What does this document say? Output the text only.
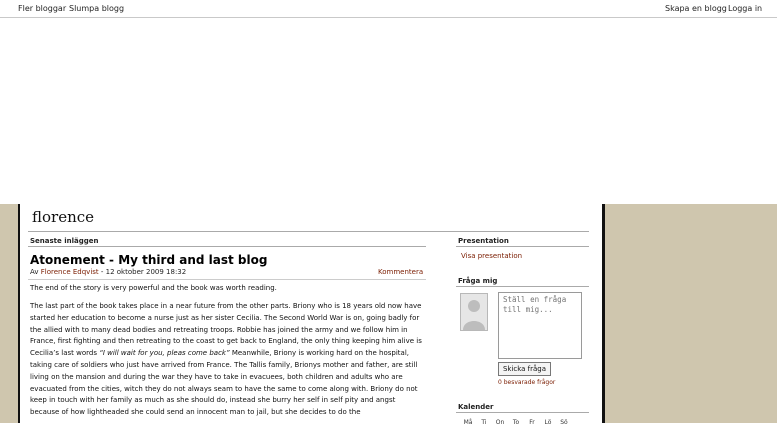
Fler bloggar Slumpa blogg	Skapa en blogg Logga in
florence
Senaste inläggen
Atonement - My third and last blog
Av Florence Edqvist - 12 oktober 2009 18:32	Kommentera
The end of the story is very powerful and the book was worth reading.
The last part of the book takes place in a near future from the other parts. Briony who is 18 years old now have started her education to become a nurse just as her sister Cecilia. The Second World War is on, going badly for the allied with to many dead bodies and retreating troops. Robbie has joined the army and we follow him in France, first fighting and then retreating to the coast to get back to England, the only thing keeping him alive is Cecilia’s last words “I will wait for you, pleas come back” Meanwhile, Briony is working hard on the hospital, taking care of soldiers who just have arrived from France. The Tallis family, Brionys mother and father, are still living on the mansion and during the war they have to take in evacuees, both children and adults who are evacuated from the cities, witch they do not always seam to have the same to come along with. Briony do not keep in touch with her family as much as she should do, instead she burry her self in self pity and angst because of how lightheaded she could send an innocent man to jail, but she decides to do the
Presentation
Visa presentation
Fråga mig
Ställ en fråga till mig...
Skicka fråga
0 besvarade frågor
Kalender
Må Ti On To Fr Lö Sö
